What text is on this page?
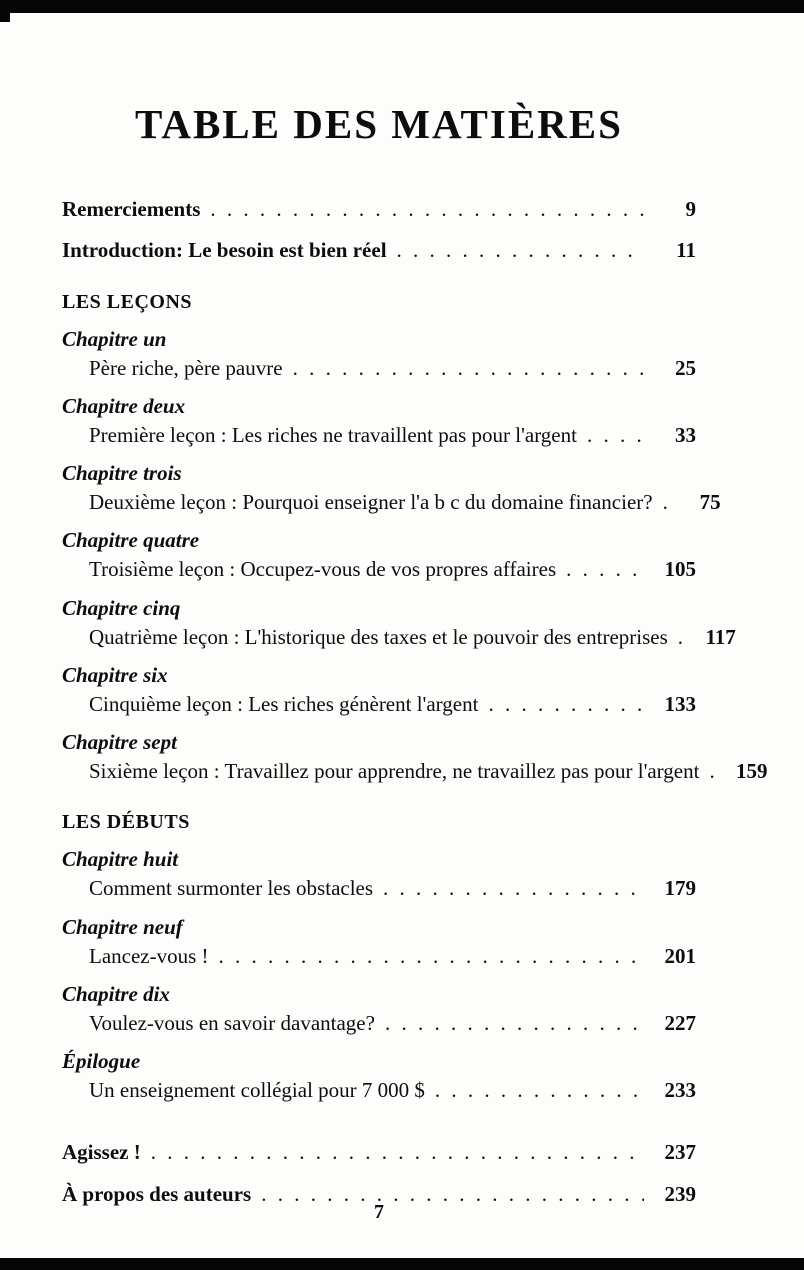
TABLE DES MATIÈRES
Remerciements . . .	9
Introduction: Le besoin est bien réel . . .	11
LES LEÇONS
Chapitre un
Père riche, père pauvre . . .	25
Chapitre deux
Première leçon : Les riches ne travaillent pas pour l'argent . . .	33
Chapitre trois
Deuxième leçon : Pourquoi enseigner l'a b c du domaine financier? . . .	75
Chapitre quatre
Troisième leçon : Occupez-vous de vos propres affaires . . .	105
Chapitre cinq
Quatrième leçon : L'historique des taxes et le pouvoir des entreprises . . .	117
Chapitre six
Cinquième leçon : Les riches génèrent l'argent . . .	133
Chapitre sept
Sixième leçon : Travaillez pour apprendre, ne travaillez pas pour l'argent . . .	159
LES DÉBUTS
Chapitre huit
Comment surmonter les obstacles . . .	179
Chapitre neuf
Lancez-vous ! . . .	201
Chapitre dix
Voulez-vous en savoir davantage? . . .	227
Épilogue
Un enseignement collégial pour 7 000 $ . . .	233
Agissez ! . . .	237
À propos des auteurs . . .	239
7
